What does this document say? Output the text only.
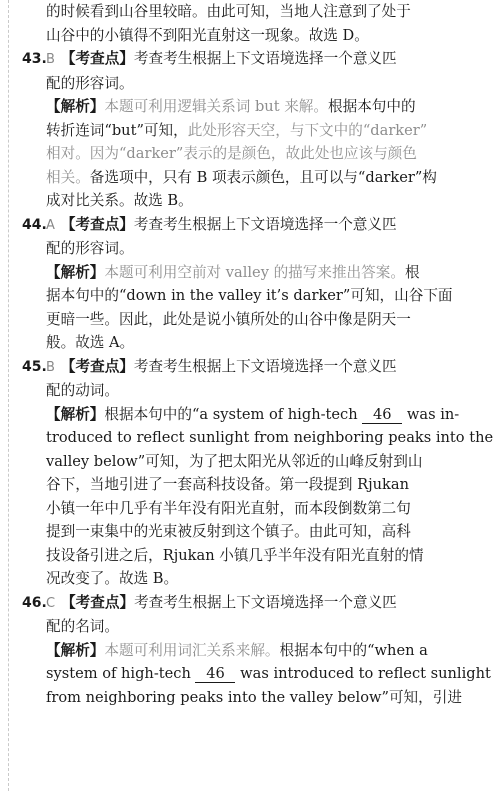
的时候看到山谷里较暗。由此可知，当地人注意到了处于
山谷中的小镇得不到阳光直射这一现象。故选 D。
43.B 【考查点】考查考生根据上下文语境选择一个意义匹
配的形容词。
【解析】本题可利用逻辑关系词 but 来解。根据本句中的
转折连词“but”可知，此处形容天空，与下文中的“darker”
相对。因为“darker”表示的是颜色，故此处也应该与颜色
相关。备选项中，只有 B 项表示颜色，且可以与“darker”构
成对比关系。故选 B。
44.A 【考查点】考查考生根据上下文语境选择一个意义匹
配的形容词。
【解析】本题可利用空前对 valley 的描写来推出答案。根
据本句中的“down in the valley it’s darker”可知，山谷下面
更暗一些。因此，此处是说小镇所处的山谷中像是阴天一
般。故选 A。
45.B 【考查点】考查考生根据上下文语境选择一个意义匹
配的动词。
【解析】根据本句中的“a system of high-tech 46 was in-
troduced to reflect sunlight from neighboring peaks into the
valley below”可知，为了把太阳光从邻近的山峰反射到山
谷下，当地引进了一套高科技设备。第一段提到 Rjukan
小镇一年中几乎有半年没有阳光直射，而本段倒数第二句
提到一束集中的光束被反射到这个镇子。由此可知，高科
技设备引进之后，Rjukan 小镇几乎半年没有阳光直射的情
况改变了。故选 B。
46.C 【考查点】考查考生根据上下文语境选择一个意义匹
配的名词。
【解析】本题可利用词汇关系来解。根据本句中的“when a
system of high-tech 46 was introduced to reflect sunlight
from neighboring peaks into the valley below”可知，引进
